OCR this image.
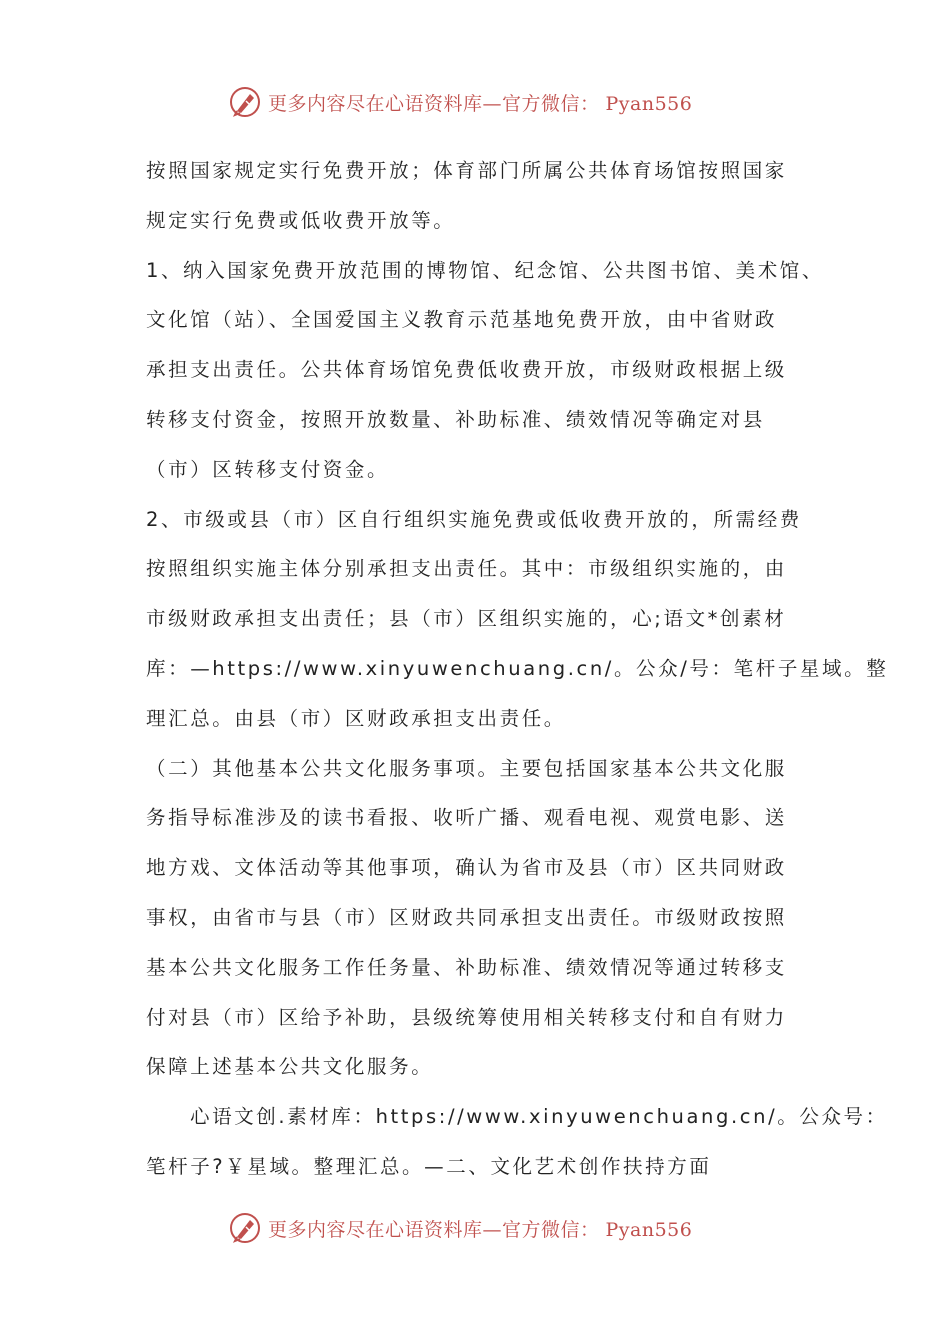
更多内容尽在心语资料库—官方微信： Pyan556

按照国家规定实行免费开放；体育部门所属公共体育场馆按照国家

规定实行免费或低收费开放等。

1、纳入国家免费开放范围的博物馆、纪念馆、公共图书馆、美术馆、

文化馆（站）、全国爱国主义教育示范基地免费开放，由中省财政

承担支出责任。公共体育场馆免费低收费开放，市级财政根据上级

转移支付资金，按照开放数量、补助标准、绩效情况等确定对县

（市）区转移支付资金。

2、市级或县（市）区自行组织实施免费或低收费开放的，所需经费

按照组织实施主体分别承担支出责任。其中：市级组织实施的，由

市级财政承担支出责任；县（市）区组织实施的，心;语文*创素材

库：—https://www.xinyuwenchuang.cn/。公众/号：笔杆子星域。整

理汇总。由县（市）区财政承担支出责任。

（二）其他基本公共文化服务事项。主要包括国家基本公共文化服

务指导标准涉及的读书看报、收听广播、观看电视、观赏电影、送

地方戏、文体活动等其他事项，确认为省市及县（市）区共同财政

事权，由省市与县（市）区财政共同承担支出责任。市级财政按照

基本公共文化服务工作任务量、补助标准、绩效情况等通过转移支

付对县（市）区给予补助，县级统筹使用相关转移支付和自有财力

保障上述基本公共文化服务。

心语文创.素材库：https://www.xinyuwenchuang.cn/。公众号：

笔杆子?￥星域。整理汇总。—二、文化艺术创作扶持方面

更多内容尽在心语资料库—官方微信： Pyan556
